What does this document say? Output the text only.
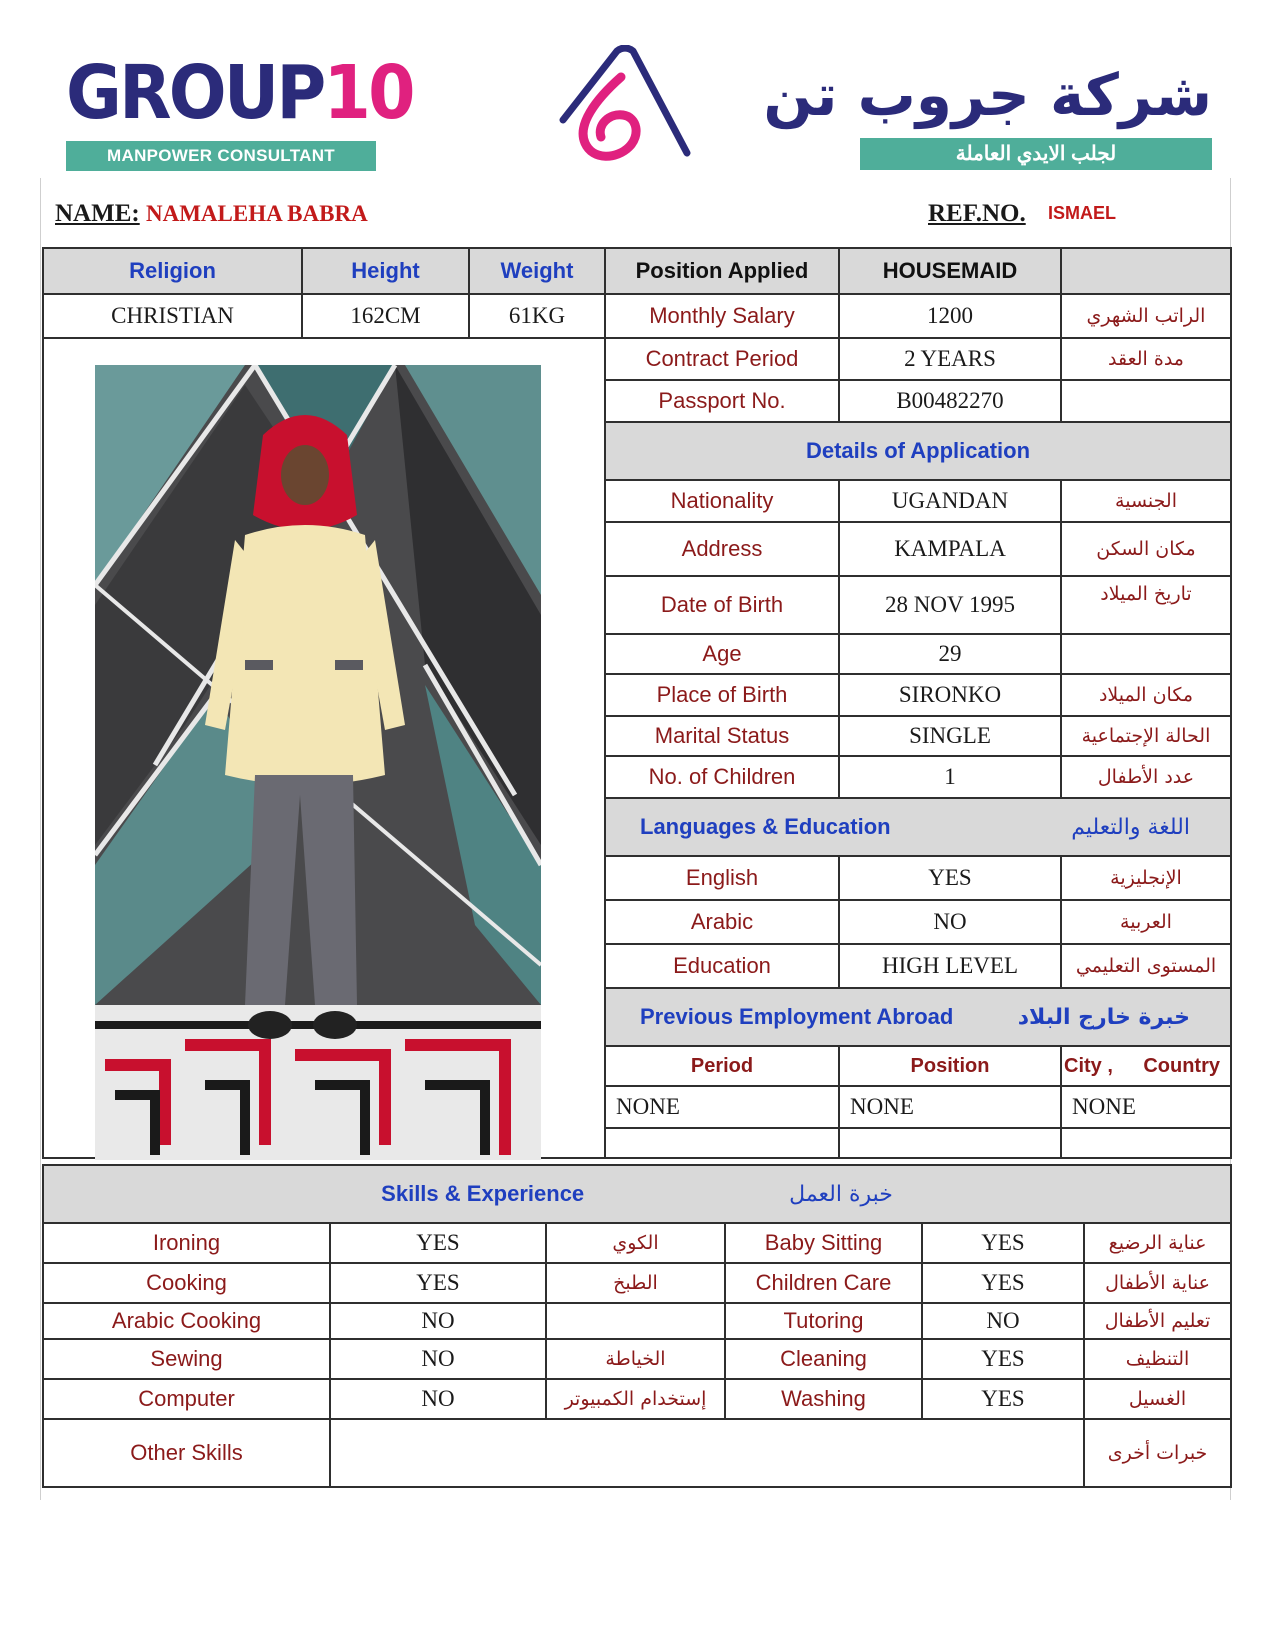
GROUP10
MANPOWER CONSULTANT
شركة جروب تن
لجلب الايدي العاملة
NAME: NAMALEHA BABRA	REF.NO. ISMAEL
Religion	Height	Weight	Position Applied	HOUSEMAID	
CHRISTIAN	162CM	61KG	Monthly Salary	1200	الراتب الشهري
			Contract Period	2 YEARS	مدة العقد
			Passport No.	B00482270	
			Details of Application		
			Nationality	UGANDAN	الجنسية
			Address	KAMPALA	مكان السكن
			Date of Birth	28 NOV 1995	تاريخ الميلاد
			Age	29	
			Place of Birth	SIRONKO	مكان الميلاد
			Marital Status	SINGLE	الحالة الإجتماعية
			No. of Children	1	عدد الأطفال

			Languages & Education اللغة والتعليم		

			English	YES	الإنجليزية
			Arabic	NO	العربية
			Education	HIGH LEVEL	المستوى التعليمي

			Previous Employment Abroad خبرة خارج البلاد		

			Period	Position	City , Country

			NONE	NONE	NONE

Skills & Experience خبرة العمل					

Ironing	YES	الكوي	Baby Sitting	YES	عناية الرضيع
Cooking	YES	الطبخ	Children Care	YES	عناية الأطفال
Arabic Cooking	NO		Tutoring	NO	تعليم الأطفال
Sewing	NO	الخياطة	Cleaning	YES	التنظيف
Computer	NO	إستخدام الكمبيوتر	Washing	YES	الغسيل
Other Skills					خبرات أخرى
